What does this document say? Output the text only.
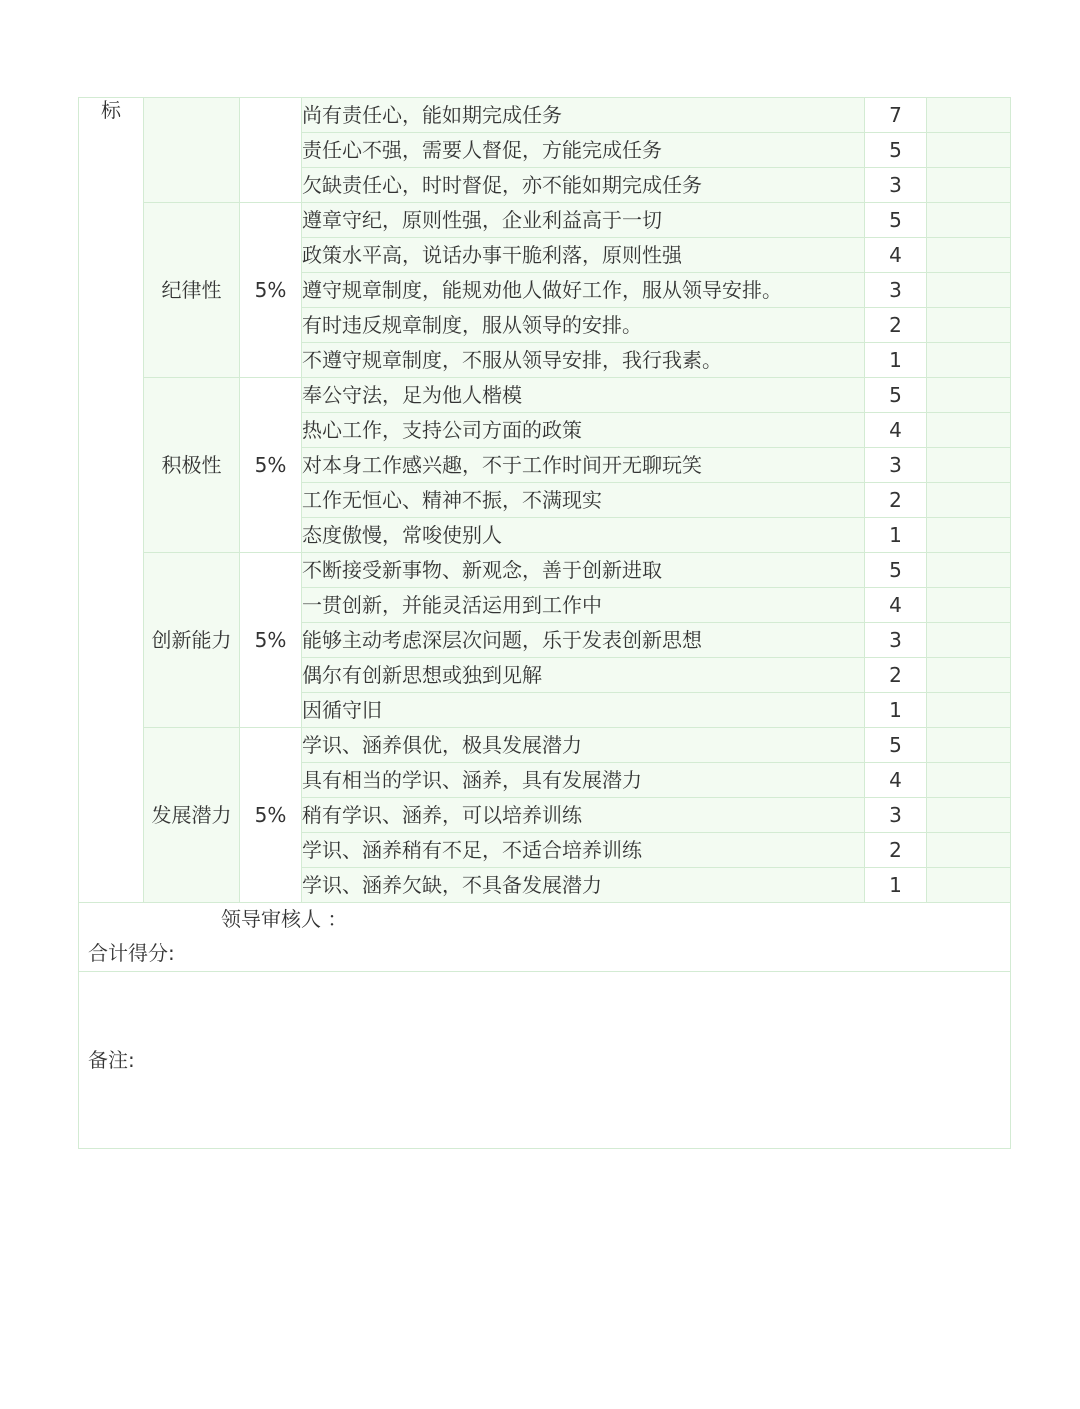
标			尚有责任心，能如期完成任务	7	
			责任心不强，需要人督促，方能完成任务	5	
			欠缺责任心，时时督促，亦不能如期完成任务	3	

	纪律性	5%	遵章守纪，原则性强，企业利益高于一切	5	
			政策水平高，说话办事干脆利落，原则性强	4	
			遵守规章制度，能规劝他人做好工作，服从领导安排。	3	
			有时违反规章制度，服从领导的安排。	2	
			不遵守规章制度，不服从领导安排，我行我素。	1	

	积极性	5%	奉公守法，足为他人楷模	5	
			热心工作，支持公司方面的政策	4	
			对本身工作感兴趣，不于工作时间开无聊玩笑	3	
			工作无恒心、精神不振，不满现实	2	
			态度傲慢，常唆使别人	1	

	创新能力	5%	不断接受新事物、新观念，善于创新进取	5	
			一贯创新，并能灵活运用到工作中	4	
			能够主动考虑深层次问题，乐于发表创新思想	3	
			偶尔有创新思想或独到见解	2	
			因循守旧	1	

	发展潜力	5%	学识、涵养俱优，极具发展潜力	5	
			具有相当的学识、涵养，具有发展潜力	4	
			稍有学识、涵养，可以培养训练	3	
			学识、涵养稍有不足，不适合培养训练	2	
			学识、涵养欠缺，不具备发展潜力	1	

领导审核人 ：
合计得分:					

备注:					
